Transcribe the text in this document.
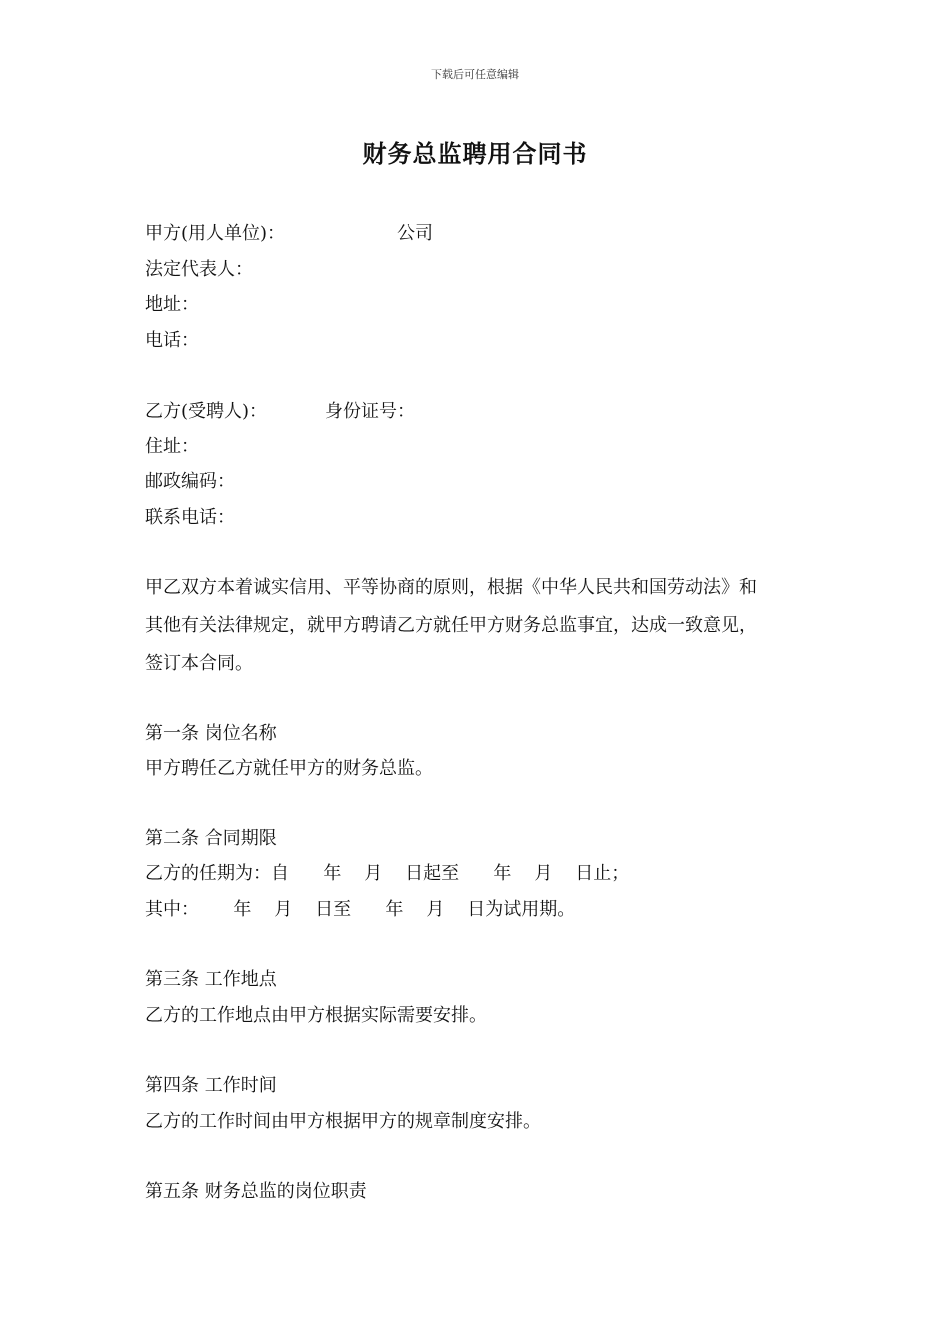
下载后可任意编辑
财务总监聘用合同书
甲方(用人单位)：	公司
法定代表人：
地址：
电话：
乙方(受聘人)：	身份证号：
住址：
邮政编码：
联系电话：
甲乙双方本着诚实信用、平等协商的原则，根据《中华人民共和国劳动法》和
其他有关法律规定，就甲方聘请乙方就任甲方财务总监事宜，达成一致意见，
签订本合同。
第一条 岗位名称
甲方聘任乙方就任甲方的财务总监。
第二条 合同期限
乙方的任期为：自      年    月    日起至      年    月    日止；
其中：      年    月    日至      年    月    日为试用期。
第三条 工作地点
乙方的工作地点由甲方根据实际需要安排。
第四条 工作时间
乙方的工作时间由甲方根据甲方的规章制度安排。
第五条 财务总监的岗位职责
